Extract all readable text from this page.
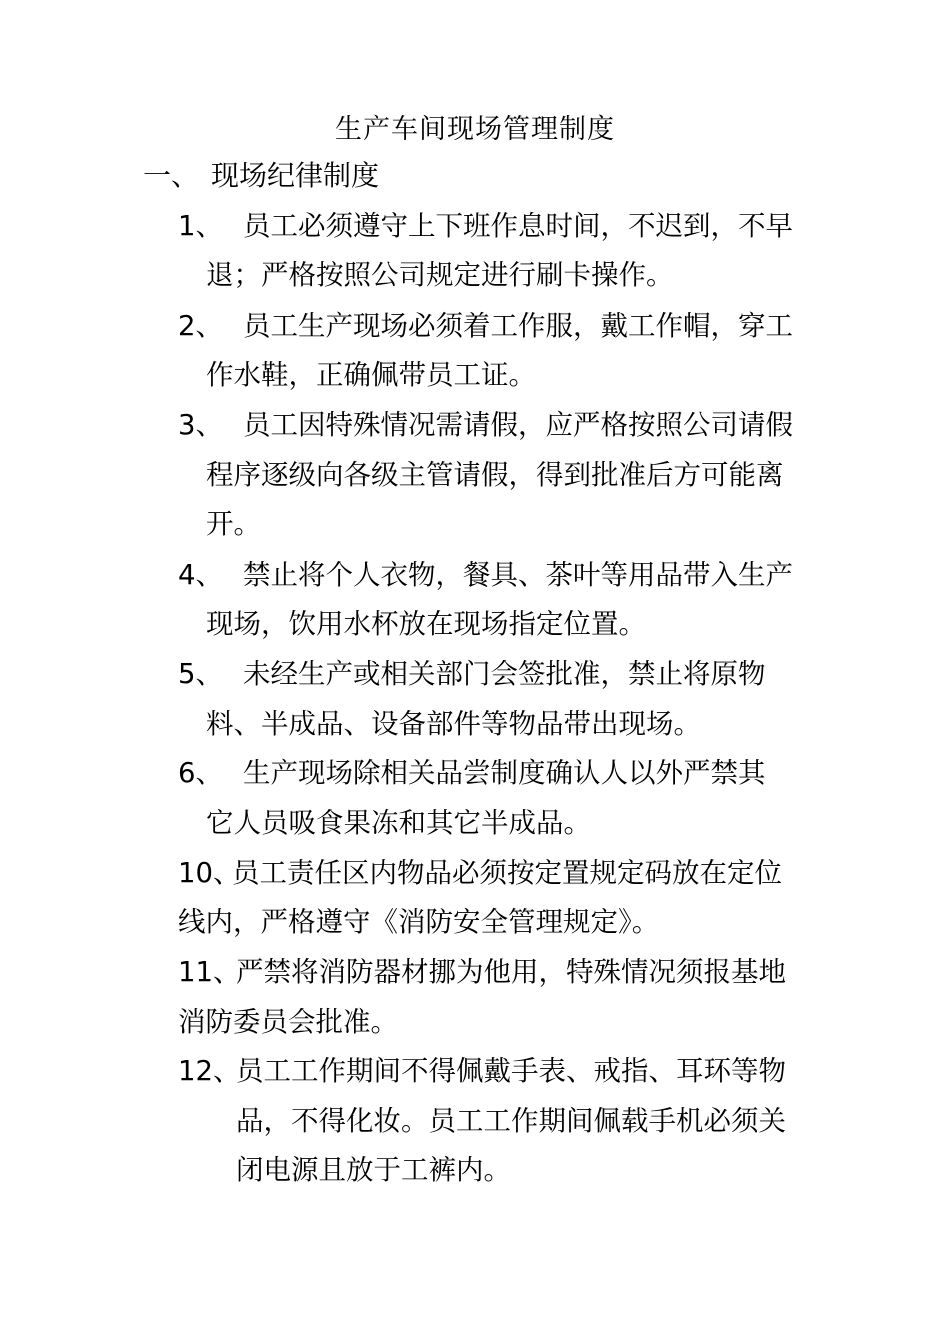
生产车间现场管理制度
一、 现场纪律制度
1、 员工必须遵守上下班作息时间，不迟到，不早
退；严格按照公司规定进行刷卡操作。
2、 员工生产现场必须着工作服，戴工作帽，穿工
作水鞋，正确佩带员工证。
3、 员工因特殊情况需请假，应严格按照公司请假
程序逐级向各级主管请假，得到批准后方可能离
开。
4、 禁止将个人衣物，餐具、茶叶等用品带入生产
现场，饮用水杯放在现场指定位置。
5、 未经生产或相关部门会签批准，禁止将原物
料、半成品、设备部件等物品带出现场。
6、 生产现场除相关品尝制度确认人以外严禁其
它人员吸食果冻和其它半成品。
10、
员工责任区内物品必须按定置规定码放在定位
线内，严格遵守《消防安全管理规定》。
11、
严禁将消防器材挪为他用，特殊情况须报基地
消防委员会批准。
12、
员工工作期间不得佩戴手表、戒指、耳环等物
品，不得化妆。员工工作期间佩载手机必须关
闭电源且放于工裤内。
